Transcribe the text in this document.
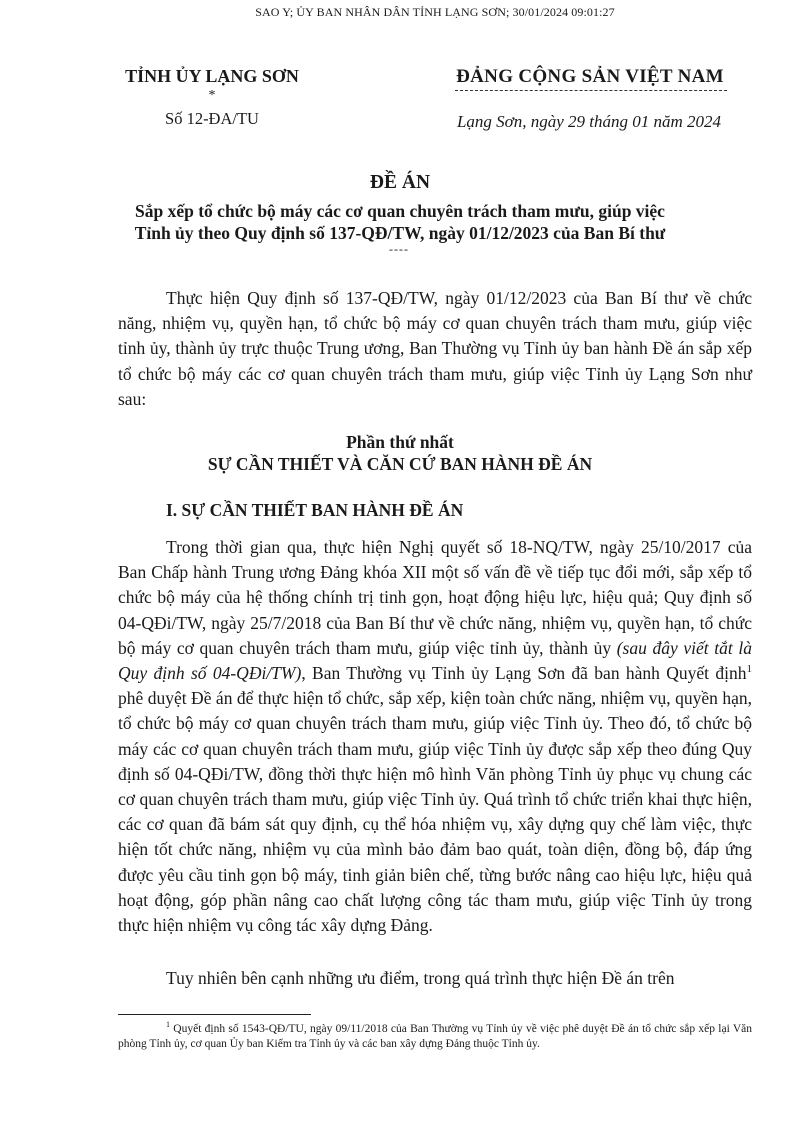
SAO Y; ỦY BAN NHÂN DÂN TỈNH LẠNG SƠN; 30/01/2024 09:01:27
TỈNH ỦY LẠNG SƠN
*
Số 12-ĐA/TU
ĐẢNG CỘNG SẢN VIỆT NAM
Lạng Sơn, ngày 29 tháng 01 năm 2024
ĐỀ ÁN
Sắp xếp tổ chức bộ máy các cơ quan chuyên trách tham mưu, giúp việc
Tỉnh ủy theo Quy định số 137-QĐ/TW, ngày 01/12/2023 của Ban Bí thư
----
Thực hiện Quy định số 137-QĐ/TW, ngày 01/12/2023 của Ban Bí thư về chức năng, nhiệm vụ, quyền hạn, tổ chức bộ máy cơ quan chuyên trách tham mưu, giúp việc tỉnh ủy, thành ủy trực thuộc Trung ương, Ban Thường vụ Tỉnh ủy ban hành Đề án sắp xếp tổ chức bộ máy các cơ quan chuyên trách tham mưu, giúp việc Tỉnh ủy Lạng Sơn như sau:
Phần thứ nhất
SỰ CẦN THIẾT VÀ CĂN CỨ BAN HÀNH ĐỀ ÁN
I. SỰ CẦN THIẾT BAN HÀNH ĐỀ ÁN
Trong thời gian qua, thực hiện Nghị quyết số 18-NQ/TW, ngày 25/10/2017 của Ban Chấp hành Trung ương Đảng khóa XII một số vấn đề về tiếp tục đổi mới, sắp xếp tổ chức bộ máy của hệ thống chính trị tinh gọn, hoạt động hiệu lực, hiệu quả; Quy định số 04-QĐi/TW, ngày 25/7/2018 của Ban Bí thư về chức năng, nhiệm vụ, quyền hạn, tổ chức bộ máy cơ quan chuyên trách tham mưu, giúp việc tỉnh ủy, thành ủy (sau đây viết tắt là Quy định số 04-QĐi/TW), Ban Thường vụ Tỉnh ủy Lạng Sơn đã ban hành Quyết định$^1$ phê duyệt Đề án để thực hiện tổ chức, sắp xếp, kiện toàn chức năng, nhiệm vụ, quyền hạn, tổ chức bộ máy cơ quan chuyên trách tham mưu, giúp việc Tỉnh ủy. Theo đó, tổ chức bộ máy các cơ quan chuyên trách tham mưu, giúp việc Tỉnh ủy được sắp xếp theo đúng Quy định số 04-QĐi/TW, đồng thời thực hiện mô hình Văn phòng Tỉnh ủy phục vụ chung các cơ quan chuyên trách tham mưu, giúp việc Tỉnh ủy. Quá trình tổ chức triển khai thực hiện, các cơ quan đã bám sát quy định, cụ thể hóa nhiệm vụ, xây dựng quy chế làm việc, thực hiện tốt chức năng, nhiệm vụ của mình bảo đảm bao quát, toàn diện, đồng bộ, đáp ứng được yêu cầu tinh gọn bộ máy, tinh giản biên chế, từng bước nâng cao hiệu lực, hiệu quả hoạt động, góp phần nâng cao chất lượng công tác tham mưu, giúp việc Tỉnh ủy trong thực hiện nhiệm vụ công tác xây dựng Đảng.
Tuy nhiên bên cạnh những ưu điểm, trong quá trình thực hiện Đề án trên
$^1$ Quyết định số 1543-QĐ/TU, ngày 09/11/2018 của Ban Thường vụ Tỉnh ủy về việc phê duyệt Đề án tổ chức sắp xếp lại Văn phòng Tỉnh ủy, cơ quan Ủy ban Kiểm tra Tỉnh ủy và các ban xây dựng Đảng thuộc Tỉnh ủy.
